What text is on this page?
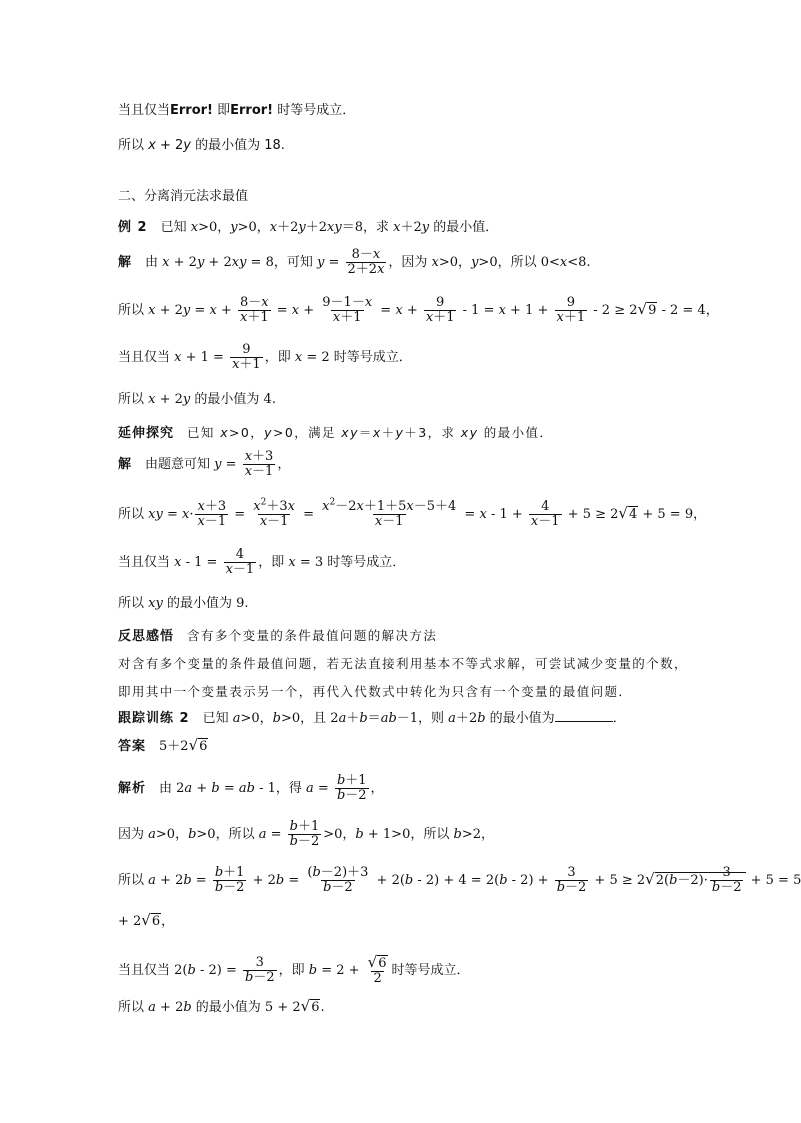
当且仅当Error! 即Error! 时等号成立．
所以 x + 2y 的最小值为 18.
二、分离消元法求最值
例 2　已知 x>0，y>0，x＋2y＋2xy＝8，求 x＋2y 的最小值．
解　由 x + 2y + 2xy = 8，可知 $y = \frac{8-x}{2+2x}$ ，因为 x>0，y>0，所以 0<x<8.
所以 $x + 2y = x + \frac{8-x}{x+1} = x + \frac{9-1-x}{x+1} = x + \frac{9}{x+1} - 1 = x + 1 + \frac{9}{x+1} - 2 \ge 2√9 - 2 = 4$，
当且仅当 $x + 1 = \frac{9}{x+1}$ ，即 x = 2 时等号成立．
所以 x + 2y 的最小值为 4.
延伸探究　 已知 x>0，y>0，满足 xy＝x＋y＋3，求 xy 的最小值．
解　由题意可知 $y = \frac{x+3}{x-1}$ ，
所以 xy = $x\cdot \frac{x+3}{x-1} = \frac{x^2+3x}{x-1} = \frac{x^2-2x+1+5x-5+4}{x-1} = x - 1 + \frac{4}{x-1} + 5 \ge 2√4 + 5 = 9$，
当且仅当 $x - 1 = \frac{4}{x-1}$ ，即 x = 3 时等号成立．
所以 xy 的最小值为 9.
反思感悟　 含有多个变量的条件最值问题的解决方法
对含有多个变量的条件最值问题，若无法直接利用基本不等式求解，可尝试减少变量的个数，
即用其中一个变量表示另一个，再代入代数式中转化为只含有一个变量的最值问题．
跟踪训练 2　已知 a>0，b>0，且 2a＋b＝ab－1，则 a＋2b 的最小值为	．
答案　 5＋2√6
解析　由 2a + b = ab - 1，得 $a = \frac{b+1}{b-2}$ ，
因为 a>0，b>0，所以 $a = \frac{b+1}{b-2} >0$，b + 1>0，所以 b>2，
所以 $a + 2b = \frac{b+1}{b-2} + 2b = \frac{(b-2)+3}{b-2} + 2(b - 2) + 4 = 2(b - 2) + \frac{3}{b-2} + 5 \ge 2√2(b-2)\cdot \frac{3}{b-2} + 5 = 5$
+ 2√6，
当且仅当 $2(b - 2) = \frac{3}{b-2}$ ，即 $b = 2 + \frac{√6}{2}$ 时等号成立．
所以 a + 2b 的最小值为 5 + 2√6.
